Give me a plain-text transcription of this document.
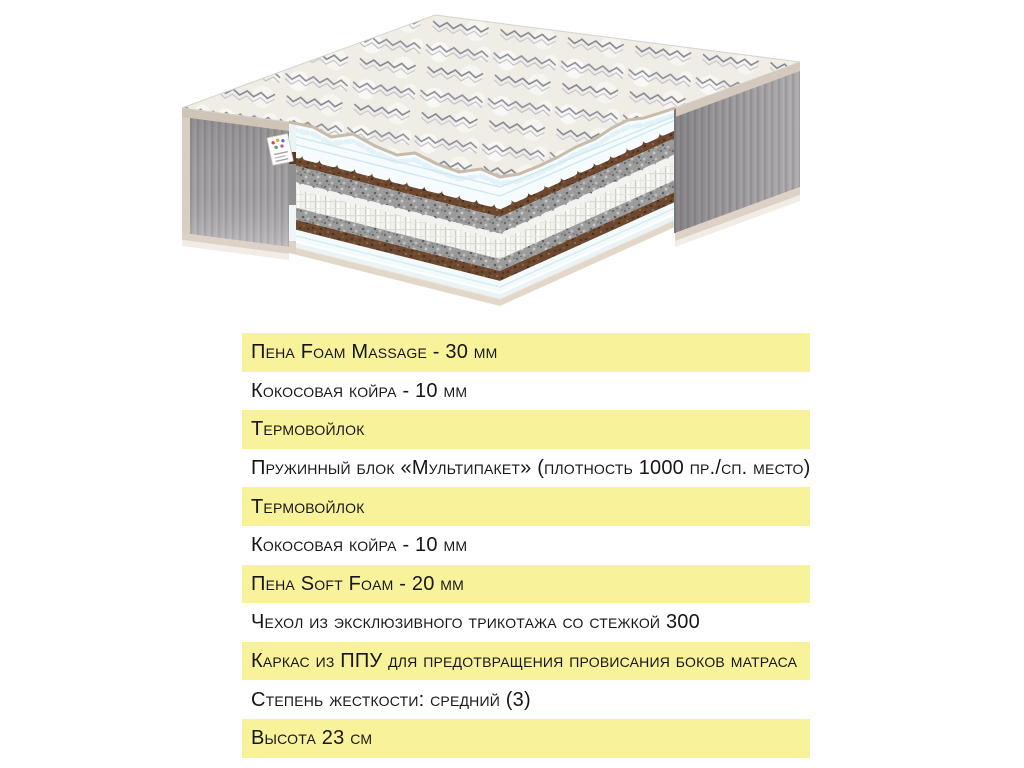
Пена Foam Massage - 30 мм
Кокосовая койра - 10 мм
Термовойлок
Пружинный блок «Мультипакет» (плотность 1000 пр./сп. место)
Термовойлок
Кокосовая койра - 10 мм
Пена Soft Foam - 20 мм
Чехол из эксклюзивного трикотажа со стежкой 300
Каркас из ППУ для предотвращения провисания боков матраса
Степень жесткости: средний (3)
Высота 23 см
